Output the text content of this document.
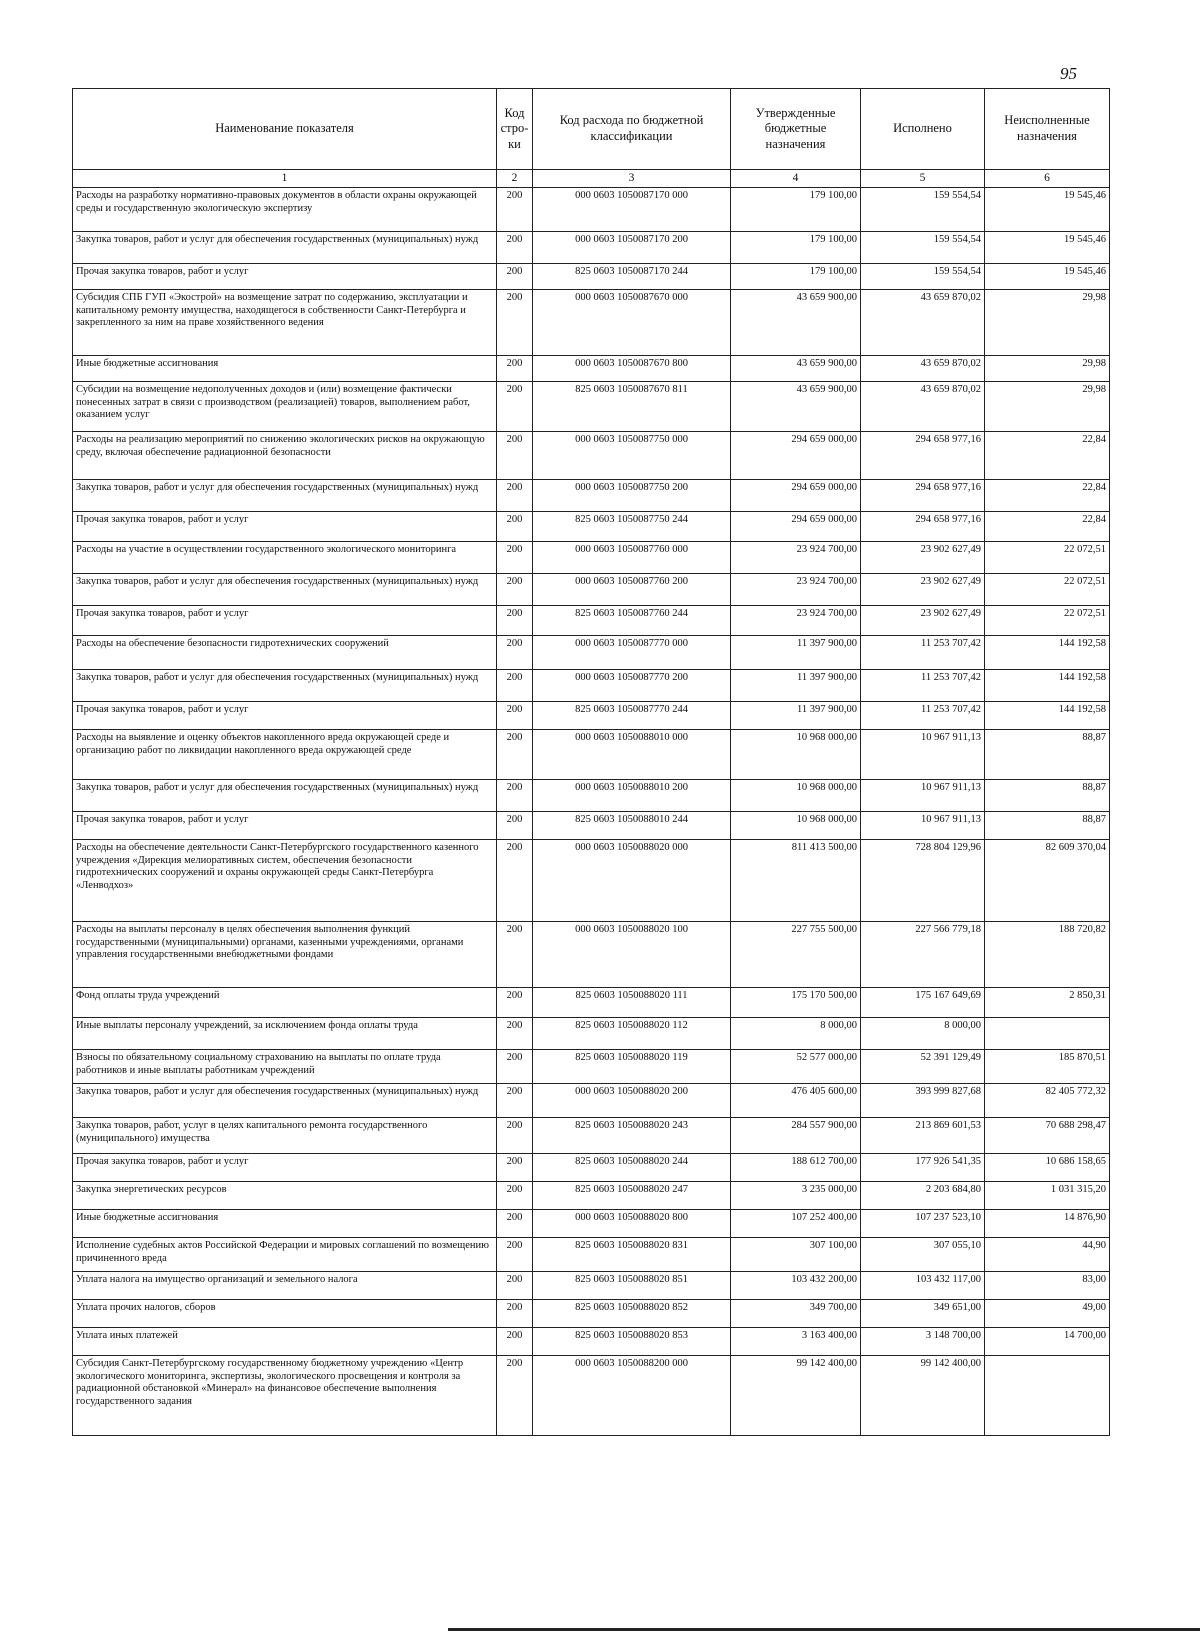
95
Наименование показателя	Код стро-ки	Код расхода по бюджетной классификации	Утвержденные бюджетные назначения	Исполнено	Неисполненные назначения
1	2	3	4	5	6
Расходы на разработку нормативно-правовых документов в области охраны окружающей среды и государственную экологическую экспертизу	200	000 0603 1050087170 000	179 100,00	159 554,54	19 545,46
Закупка товаров, работ и услуг для обеспечения государственных (муниципальных) нужд	200	000 0603 1050087170 200	179 100,00	159 554,54	19 545,46
Прочая закупка товаров, работ и услуг	200	825 0603 1050087170 244	179 100,00	159 554,54	19 545,46
Субсидия СПБ ГУП «Экострой» на возмещение затрат по содержанию, эксплуатации и капитальному ремонту имущества, находящегося в собственности Санкт-Петербурга и закрепленного за ним на праве хозяйственного ведения	200	000 0603 1050087670 000	43 659 900,00	43 659 870,02	29,98
Иные бюджетные ассигнования	200	000 0603 1050087670 800	43 659 900,00	43 659 870,02	29,98
Субсидии на возмещение недополученных доходов и (или) возмещение фактически понесенных затрат в связи с производством (реализацией) товаров, выполнением работ, оказанием услуг	200	825 0603 1050087670 811	43 659 900,00	43 659 870,02	29,98
Расходы на реализацию мероприятий по снижению экологических рисков на окружающую среду, включая обеспечение радиационной безопасности	200	000 0603 1050087750 000	294 659 000,00	294 658 977,16	22,84
Закупка товаров, работ и услуг для обеспечения государственных (муниципальных) нужд	200	000 0603 1050087750 200	294 659 000,00	294 658 977,16	22,84
Прочая закупка товаров, работ и услуг	200	825 0603 1050087750 244	294 659 000,00	294 658 977,16	22,84
Расходы на участие в осуществлении государственного экологического мониторинга	200	000 0603 1050087760 000	23 924 700,00	23 902 627,49	22 072,51
Закупка товаров, работ и услуг для обеспечения государственных (муниципальных) нужд	200	000 0603 1050087760 200	23 924 700,00	23 902 627,49	22 072,51
Прочая закупка товаров, работ и услуг	200	825 0603 1050087760 244	23 924 700,00	23 902 627,49	22 072,51
Расходы на обеспечение безопасности гидротехнических сооружений	200	000 0603 1050087770 000	11 397 900,00	11 253 707,42	144 192,58
Закупка товаров, работ и услуг для обеспечения государственных (муниципальных) нужд	200	000 0603 1050087770 200	11 397 900,00	11 253 707,42	144 192,58
Прочая закупка товаров, работ и услуг	200	825 0603 1050087770 244	11 397 900,00	11 253 707,42	144 192,58
Расходы на выявление и оценку объектов накопленного вреда окружающей среде и организацию работ по ликвидации накопленного вреда окружающей среде	200	000 0603 1050088010 000	10 968 000,00	10 967 911,13	88,87
Закупка товаров, работ и услуг для обеспечения государственных (муниципальных) нужд	200	000 0603 1050088010 200	10 968 000,00	10 967 911,13	88,87
Прочая закупка товаров, работ и услуг	200	825 0603 1050088010 244	10 968 000,00	10 967 911,13	88,87
Расходы на обеспечение деятельности Санкт-Петербургского государственного казенного учреждения «Дирекция мелиоративных систем, обеспечения безопасности гидротехнических сооружений и охраны окружающей среды Санкт-Петербурга «Ленводхоз»	200	000 0603 1050088020 000	811 413 500,00	728 804 129,96	82 609 370,04
Расходы на выплаты персоналу в целях обеспечения выполнения функций государственными (муниципальными) органами, казенными учреждениями, органами управления государственными внебюджетными фондами	200	000 0603 1050088020 100	227 755 500,00	227 566 779,18	188 720,82
Фонд оплаты труда учреждений	200	825 0603 1050088020 111	175 170 500,00	175 167 649,69	2 850,31
Иные выплаты персоналу учреждений, за исключением фонда оплаты труда	200	825 0603 1050088020 112	8 000,00	8 000,00	
Взносы по обязательному социальному страхованию на выплаты по оплате труда работников и иные выплаты работникам учреждений	200	825 0603 1050088020 119	52 577 000,00	52 391 129,49	185 870,51
Закупка товаров, работ и услуг для обеспечения государственных (муниципальных) нужд	200	000 0603 1050088020 200	476 405 600,00	393 999 827,68	82 405 772,32
Закупка товаров, работ, услуг в целях капитального ремонта государственного (муниципального) имущества	200	825 0603 1050088020 243	284 557 900,00	213 869 601,53	70 688 298,47
Прочая закупка товаров, работ и услуг	200	825 0603 1050088020 244	188 612 700,00	177 926 541,35	10 686 158,65
Закупка энергетических ресурсов	200	825 0603 1050088020 247	3 235 000,00	2 203 684,80	1 031 315,20
Иные бюджетные ассигнования	200	000 0603 1050088020 800	107 252 400,00	107 237 523,10	14 876,90
Исполнение судебных актов Российской Федерации и мировых соглашений по возмещению причиненного вреда	200	825 0603 1050088020 831	307 100,00	307 055,10	44,90
Уплата налога на имущество организаций и земельного налога	200	825 0603 1050088020 851	103 432 200,00	103 432 117,00	83,00
Уплата прочих налогов, сборов	200	825 0603 1050088020 852	349 700,00	349 651,00	49,00
Уплата иных платежей	200	825 0603 1050088020 853	3 163 400,00	3 148 700,00	14 700,00
Субсидия Санкт-Петербургскому государственному бюджетному учреждению «Центр экологического мониторинга, экспертизы, экологического просвещения и контроля за радиационной обстановкой «Минерал» на финансовое обеспечение выполнения государственного задания	200	000 0603 1050088200 000	99 142 400,00	99 142 400,00	
